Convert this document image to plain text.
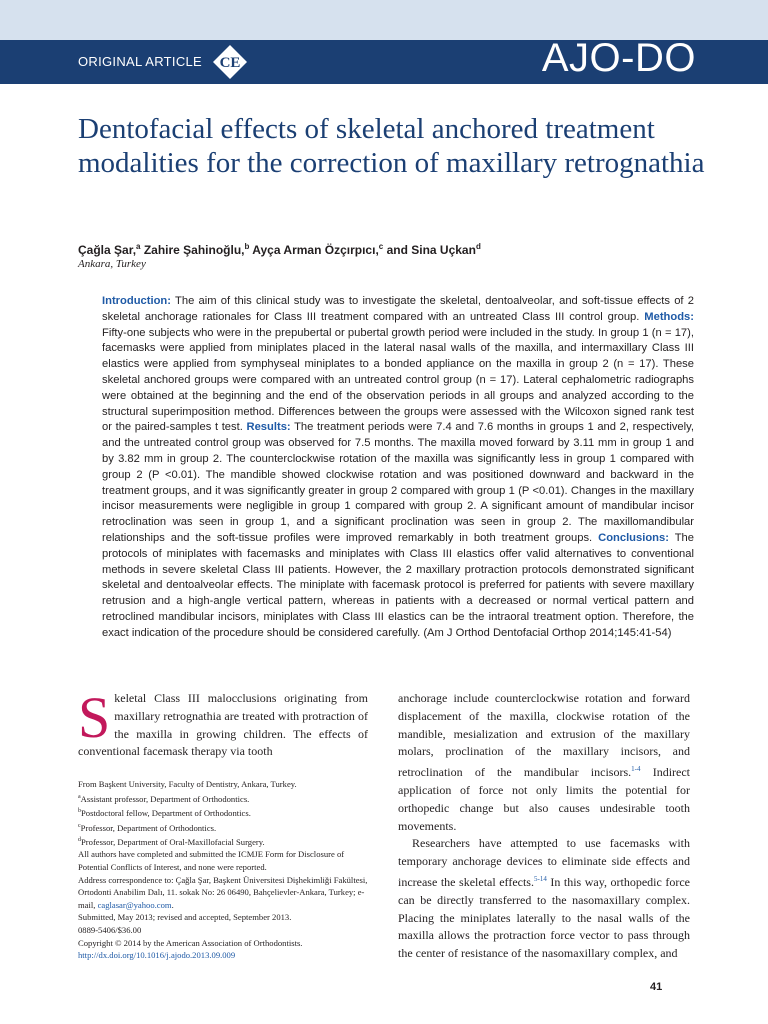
ORIGINAL ARTICLE CE	AJO-DO
Dentofacial effects of skeletal anchored treatment modalities for the correction of maxillary retrognathia
Çağla Şar,$^a$ Zahire Şahinoğlu,$^b$ Ayça Arman Özçırpıcı,$^c$ and Sina Uçkan$^d$
Ankara, Turkey
Introduction: The aim of this clinical study was to investigate the skeletal, dentoalveolar, and soft-tissue effects of 2 skeletal anchorage rationales for Class III treatment compared with an untreated Class III control group. Methods: Fifty-one subjects who were in the prepubertal or pubertal growth period were included in the study. In group 1 (n = 17), facemasks were applied from miniplates placed in the lateral nasal walls of the maxilla, and intermaxillary Class III elastics were applied from symphyseal miniplates to a bonded appliance on the maxilla in group 2 (n = 17). These skeletal anchored groups were compared with an untreated control group (n = 17). Lateral cephalometric radiographs were obtained at the beginning and the end of the observation periods in all groups and analyzed according to the structural superimposition method. Differences between the groups were assessed with the Wilcoxon signed rank test or the paired-samples t test. Results: The treatment periods were 7.4 and 7.6 months in groups 1 and 2, respectively, and the untreated control group was observed for 7.5 months. The maxilla moved forward by 3.11 mm in group 1 and by 3.82 mm in group 2. The counterclockwise rotation of the maxilla was significantly less in group 1 compared with group 2 (P <0.01). The mandible showed clockwise rotation and was positioned downward and backward in the treatment groups, and it was significantly greater in group 2 compared with group 1 (P <0.01). Changes in the maxillary incisor measurements were negligible in group 1 compared with group 2. A significant amount of mandibular incisor retroclination was seen in group 1, and a significant proclination was seen in group 2. The maxillomandibular relationships and the soft-tissue profiles were improved remarkably in both treatment groups. Conclusions: The protocols of miniplates with facemasks and miniplates with Class III elastics offer valid alternatives to conventional methods in severe skeletal Class III patients. However, the 2 maxillary protraction protocols demonstrated significant skeletal and dentoalveolar effects. The miniplate with facemask protocol is preferred for patients with severe maxillary retrusion and a high-angle vertical pattern, whereas in patients with a decreased or normal vertical pattern and retroclined mandibular incisors, miniplates with Class III elastics can be the intraoral treatment option. Therefore, the exact indication of the procedure should be considered carefully. (Am J Orthod Dentofacial Orthop 2014;145:41-54)
Skeletal Class III malocclusions originating from maxillary retrognathia are treated with protraction of the maxilla in growing children. The effects of conventional facemask therapy via tooth
From Başkent University, Faculty of Dentistry, Ankara, Turkey.
$^a$Assistant professor, Department of Orthodontics.
$^b$Postdoctoral fellow, Department of Orthodontics.
$^c$Professor, Department of Orthodontics.
$^d$Professor, Department of Oral-Maxillofacial Surgery.
All authors have completed and submitted the ICMJE Form for Disclosure of Potential Conflicts of Interest, and none were reported.
Address correspondence to: Çağla Şar, Başkent Üniversitesi Dişhekimliği Fakültesi, Ortodonti Anabilim Dalı, 11. sokak No: 26 06490, Bahçelievler-Ankara, Turkey; e-mail, caglasar@yahoo.com.
Submitted, May 2013; revised and accepted, September 2013.
0889-5406/$36.00
Copyright © 2014 by the American Association of Orthodontists.
http://dx.doi.org/10.1016/j.ajodo.2013.09.009

anchorage include counterclockwise rotation and forward displacement of the maxilla, clockwise rotation of the mandible, mesialization and extrusion of the maxillary molars, proclination of the maxillary incisors, and retroclination of the mandibular incisors.$^{1-4}$ Indirect application of force not only limits the potential for orthopedic change but also causes undesirable tooth movements.

Researchers have attempted to use facemasks with temporary anchorage devices to eliminate side effects and increase the skeletal effects.$^{5-14}$ In this way, orthopedic force can be directly transferred to the nasomaxillary complex. Placing the miniplates laterally to the nasal walls of the maxilla allows the protraction force vector to pass through the center of resistance of the nasomaxillary complex, and

41
